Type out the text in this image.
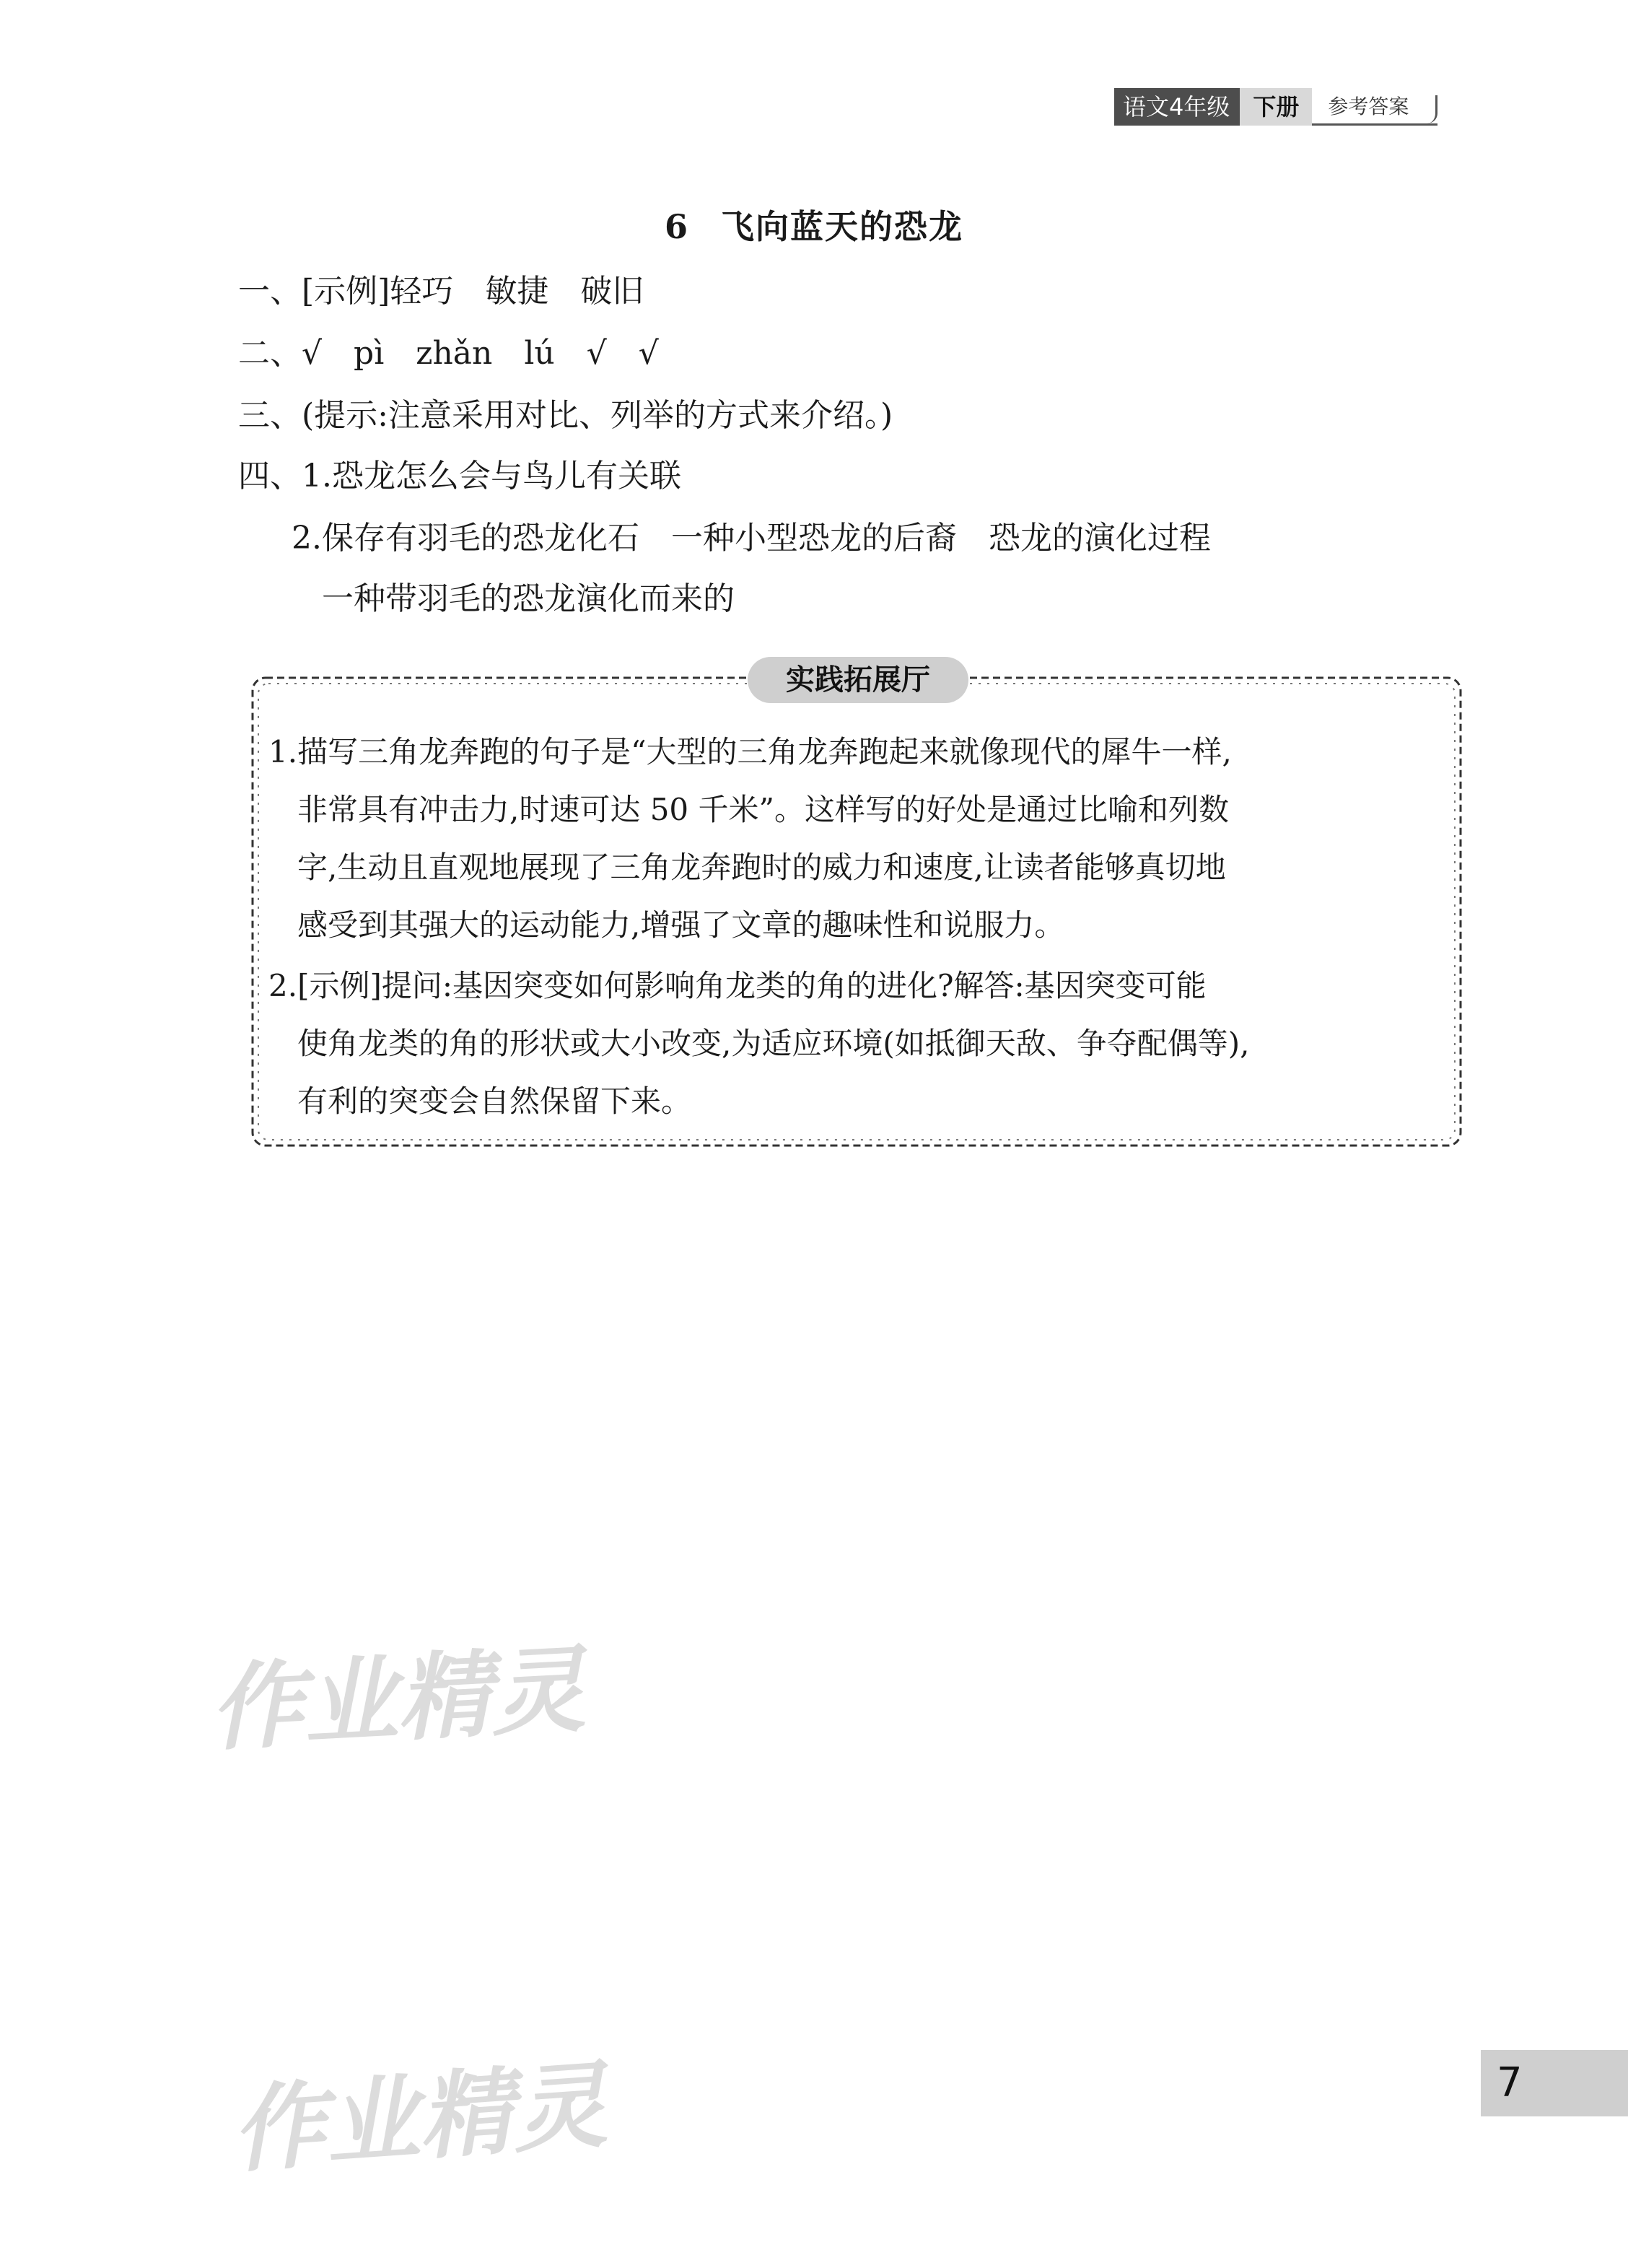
语文4年级	下册	参考答案
6 飞向蓝天的恐龙
一、[示例]轻巧　敏捷　破旧
二、√　pì　zhǎn　lú　√　√
三、(提示:注意采用对比、列举的方式来介绍。)
四、1.恐龙怎么会与鸟儿有关联
2.保存有羽毛的恐龙化石　一种小型恐龙的后裔　恐龙的演化过程
一种带羽毛的恐龙演化而来的
实践拓展厅
1.描写三角龙奔跑的句子是“大型的三角龙奔跑起来就像现代的犀牛一样,
非常具有冲击力,时速可达 50 千米”。这样写的好处是通过比喻和列数
字,生动且直观地展现了三角龙奔跑时的威力和速度,让读者能够真切地
感受到其强大的运动能力,增强了文章的趣味性和说服力。
2.[示例]提问:基因突变如何影响角龙类的角的进化?解答:基因突变可能
使角龙类的角的形状或大小改变,为适应环境(如抵御天敌、争夺配偶等),
有利的突变会自然保留下来。
作业精灵
作业精灵	7
